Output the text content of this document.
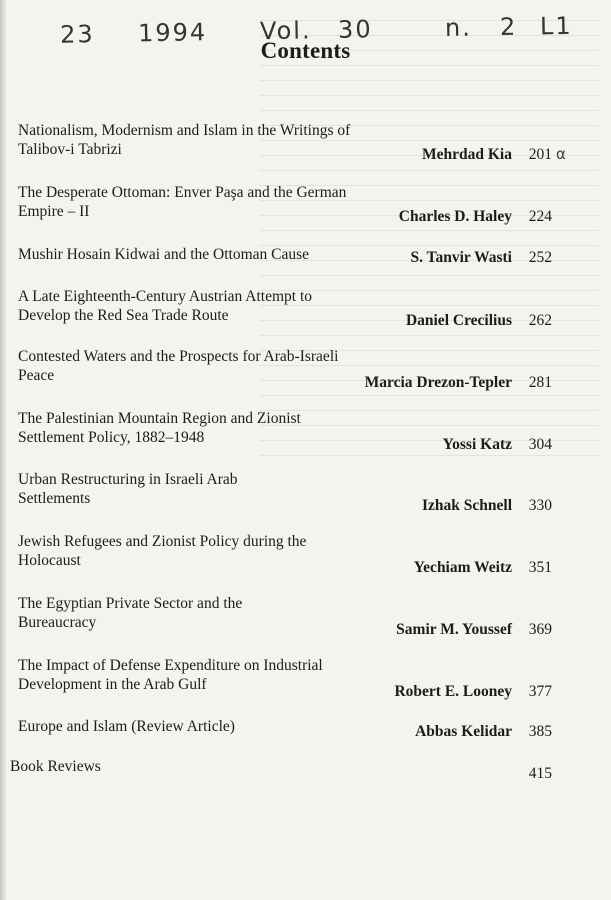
23 1994 Vol. 30	n. 2 L1
Contents
α
Nationalism, Modernism and Islam in the Writings of Talibov-i Tabrizi	Mehrdad Kia	201
The Desperate Ottoman: Enver Paşa and the German Empire – II	Charles D. Haley	224
Mushir Hosain Kidwai and the Ottoman Cause	S. Tanvir Wasti	252
A Late Eighteenth-Century Austrian Attempt to Develop the Red Sea Trade Route	Daniel Crecilius	262
Contested Waters and the Prospects for Arab-Israeli Peace	Marcia Drezon-Tepler	281
The Palestinian Mountain Region and Zionist Settlement Policy, 1882–1948	Yossi Katz	304
Urban Restructuring in Israeli Arab Settlements	Izhak Schnell	330
Jewish Refugees and Zionist Policy during the Holocaust	Yechiam Weitz	351
The Egyptian Private Sector and the Bureaucracy	Samir M. Youssef	369
The Impact of Defense Expenditure on Industrial Development in the Arab Gulf	Robert E. Looney	377
Europe and Islam (Review Article)	Abbas Kelidar	385
Book Reviews	415
